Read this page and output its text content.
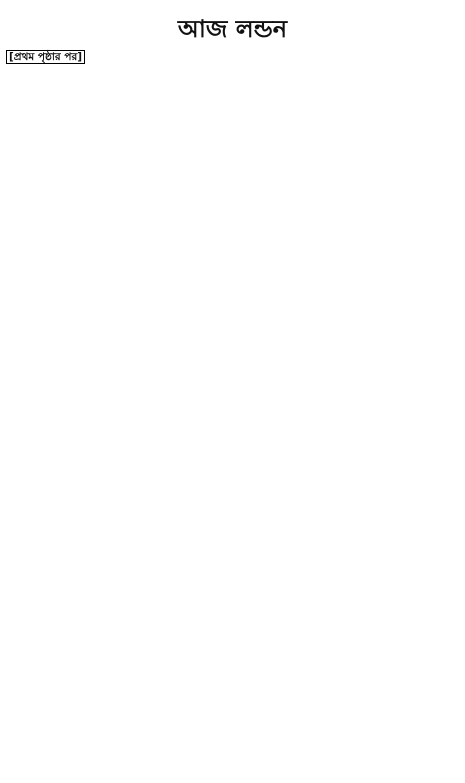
আজ লন্ডন

[প্রথম পৃষ্ঠার পর]
